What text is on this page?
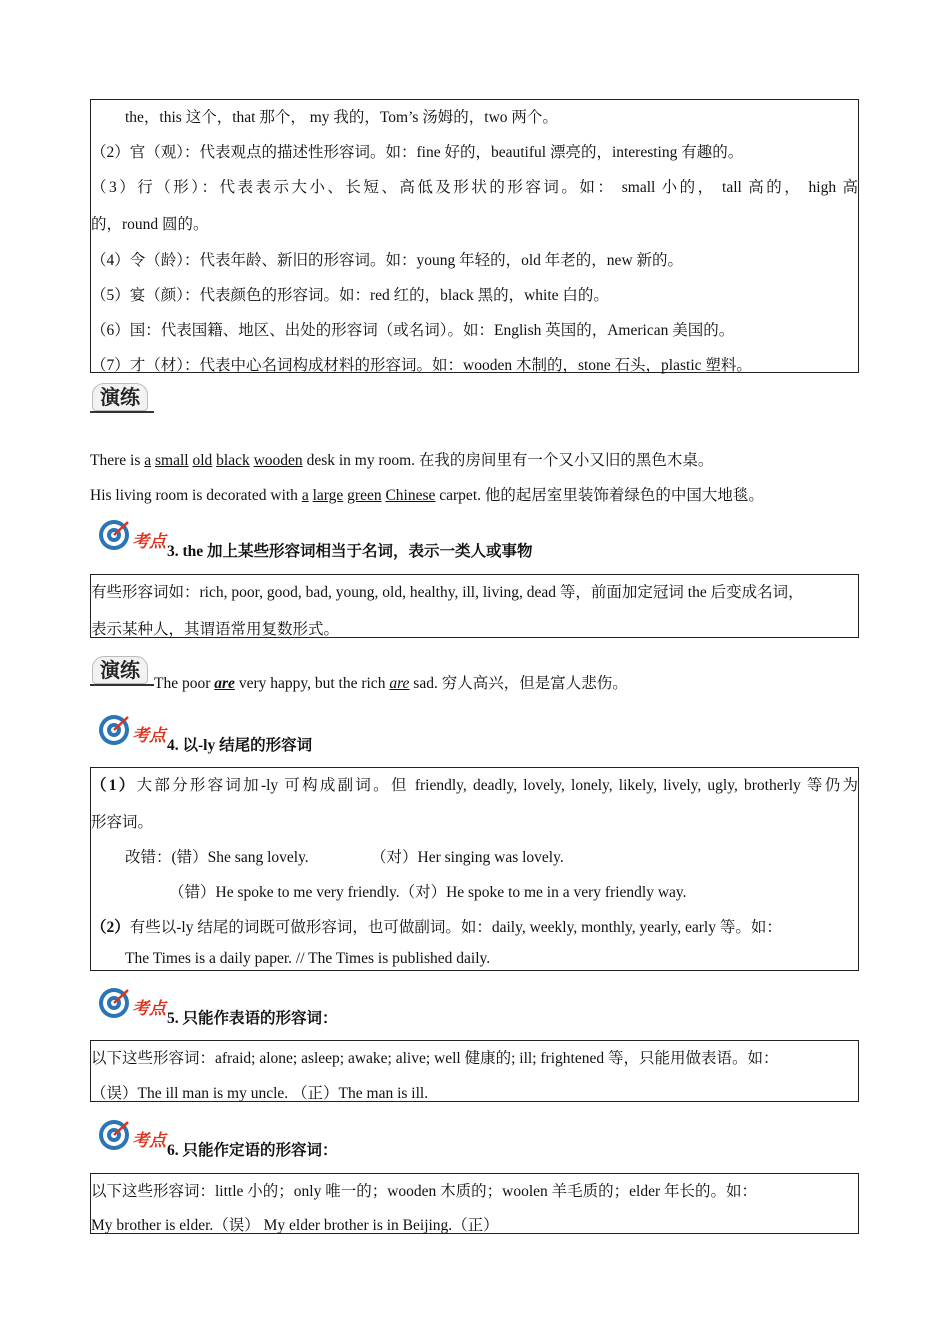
the，this 这个，that 那个， my 我的，Tom’s 汤姆的，two 两个。
（2）官（观）：代表观点的描述性形容词。如：fine 好的，beautiful 漂亮的，interesting 有趣的。
（3）行（形）：代表表示大小、长短、高低及形状的形容词。如： small 小的， tall 高的， high 高
的，round 圆的。
（4）令（龄）：代表年龄、新旧的形容词。如：young 年轻的，old 年老的，new 新的。
（5）宴（颜）：代表颜色的形容词。如：red 红的，black 黑的，white 白的。
（6）国：代表国籍、地区、出处的形容词（或名词）。如：English 英国的，American 美国的。
（7）才（材）：代表中心名词构成材料的形容词。如：wooden 木制的，stone 石头，plastic 塑料。
演练
There is a small old black wooden desk in my room. 在我的房间里有一个又小又旧的黑色木桌。
His living room is decorated with a large green Chinese carpet. 他的起居室里装饰着绿色的中国大地毯。
考点 3. the 加上某些形容词相当于名词，表示一类人或事物
有些形容词如：rich, poor, good, bad, young, old, healthy, ill, living, dead 等，前面加定冠词 the 后变成名词，
表示某种人，其谓语常用复数形式。
演练
The poor are very happy, but the rich are sad. 穷人高兴，但是富人悲伤。
考点 4. 以-ly 结尾的形容词
（1）大部分形容词加-ly 可构成副词。但 friendly, deadly, lovely, lonely, likely, lively, ugly, brotherly 等仍为
形容词。
改错：(错）She sang lovely.	（对）Her singing was lovely.
（错）He spoke to me very friendly.（对）He spoke to me in a very friendly way.
（2）有些以-ly 结尾的词既可做形容词，也可做副词。如：daily, weekly, monthly, yearly, early 等。如：
The Times is a daily paper. // The Times is published daily.
考点 5. 只能作表语的形容词：
以下这些形容词：afraid; alone; asleep; awake; alive; well 健康的; ill; frightened 等，只能用做表语。如：
（误）The ill man is my uncle. （正）The man is ill.
考点 6. 只能作定语的形容词：
以下这些形容词：little 小的；only 唯一的；wooden 木质的；woolen 羊毛质的；elder 年长的。如：
My brother is elder.（误） My elder brother is in Beijing.（正）
